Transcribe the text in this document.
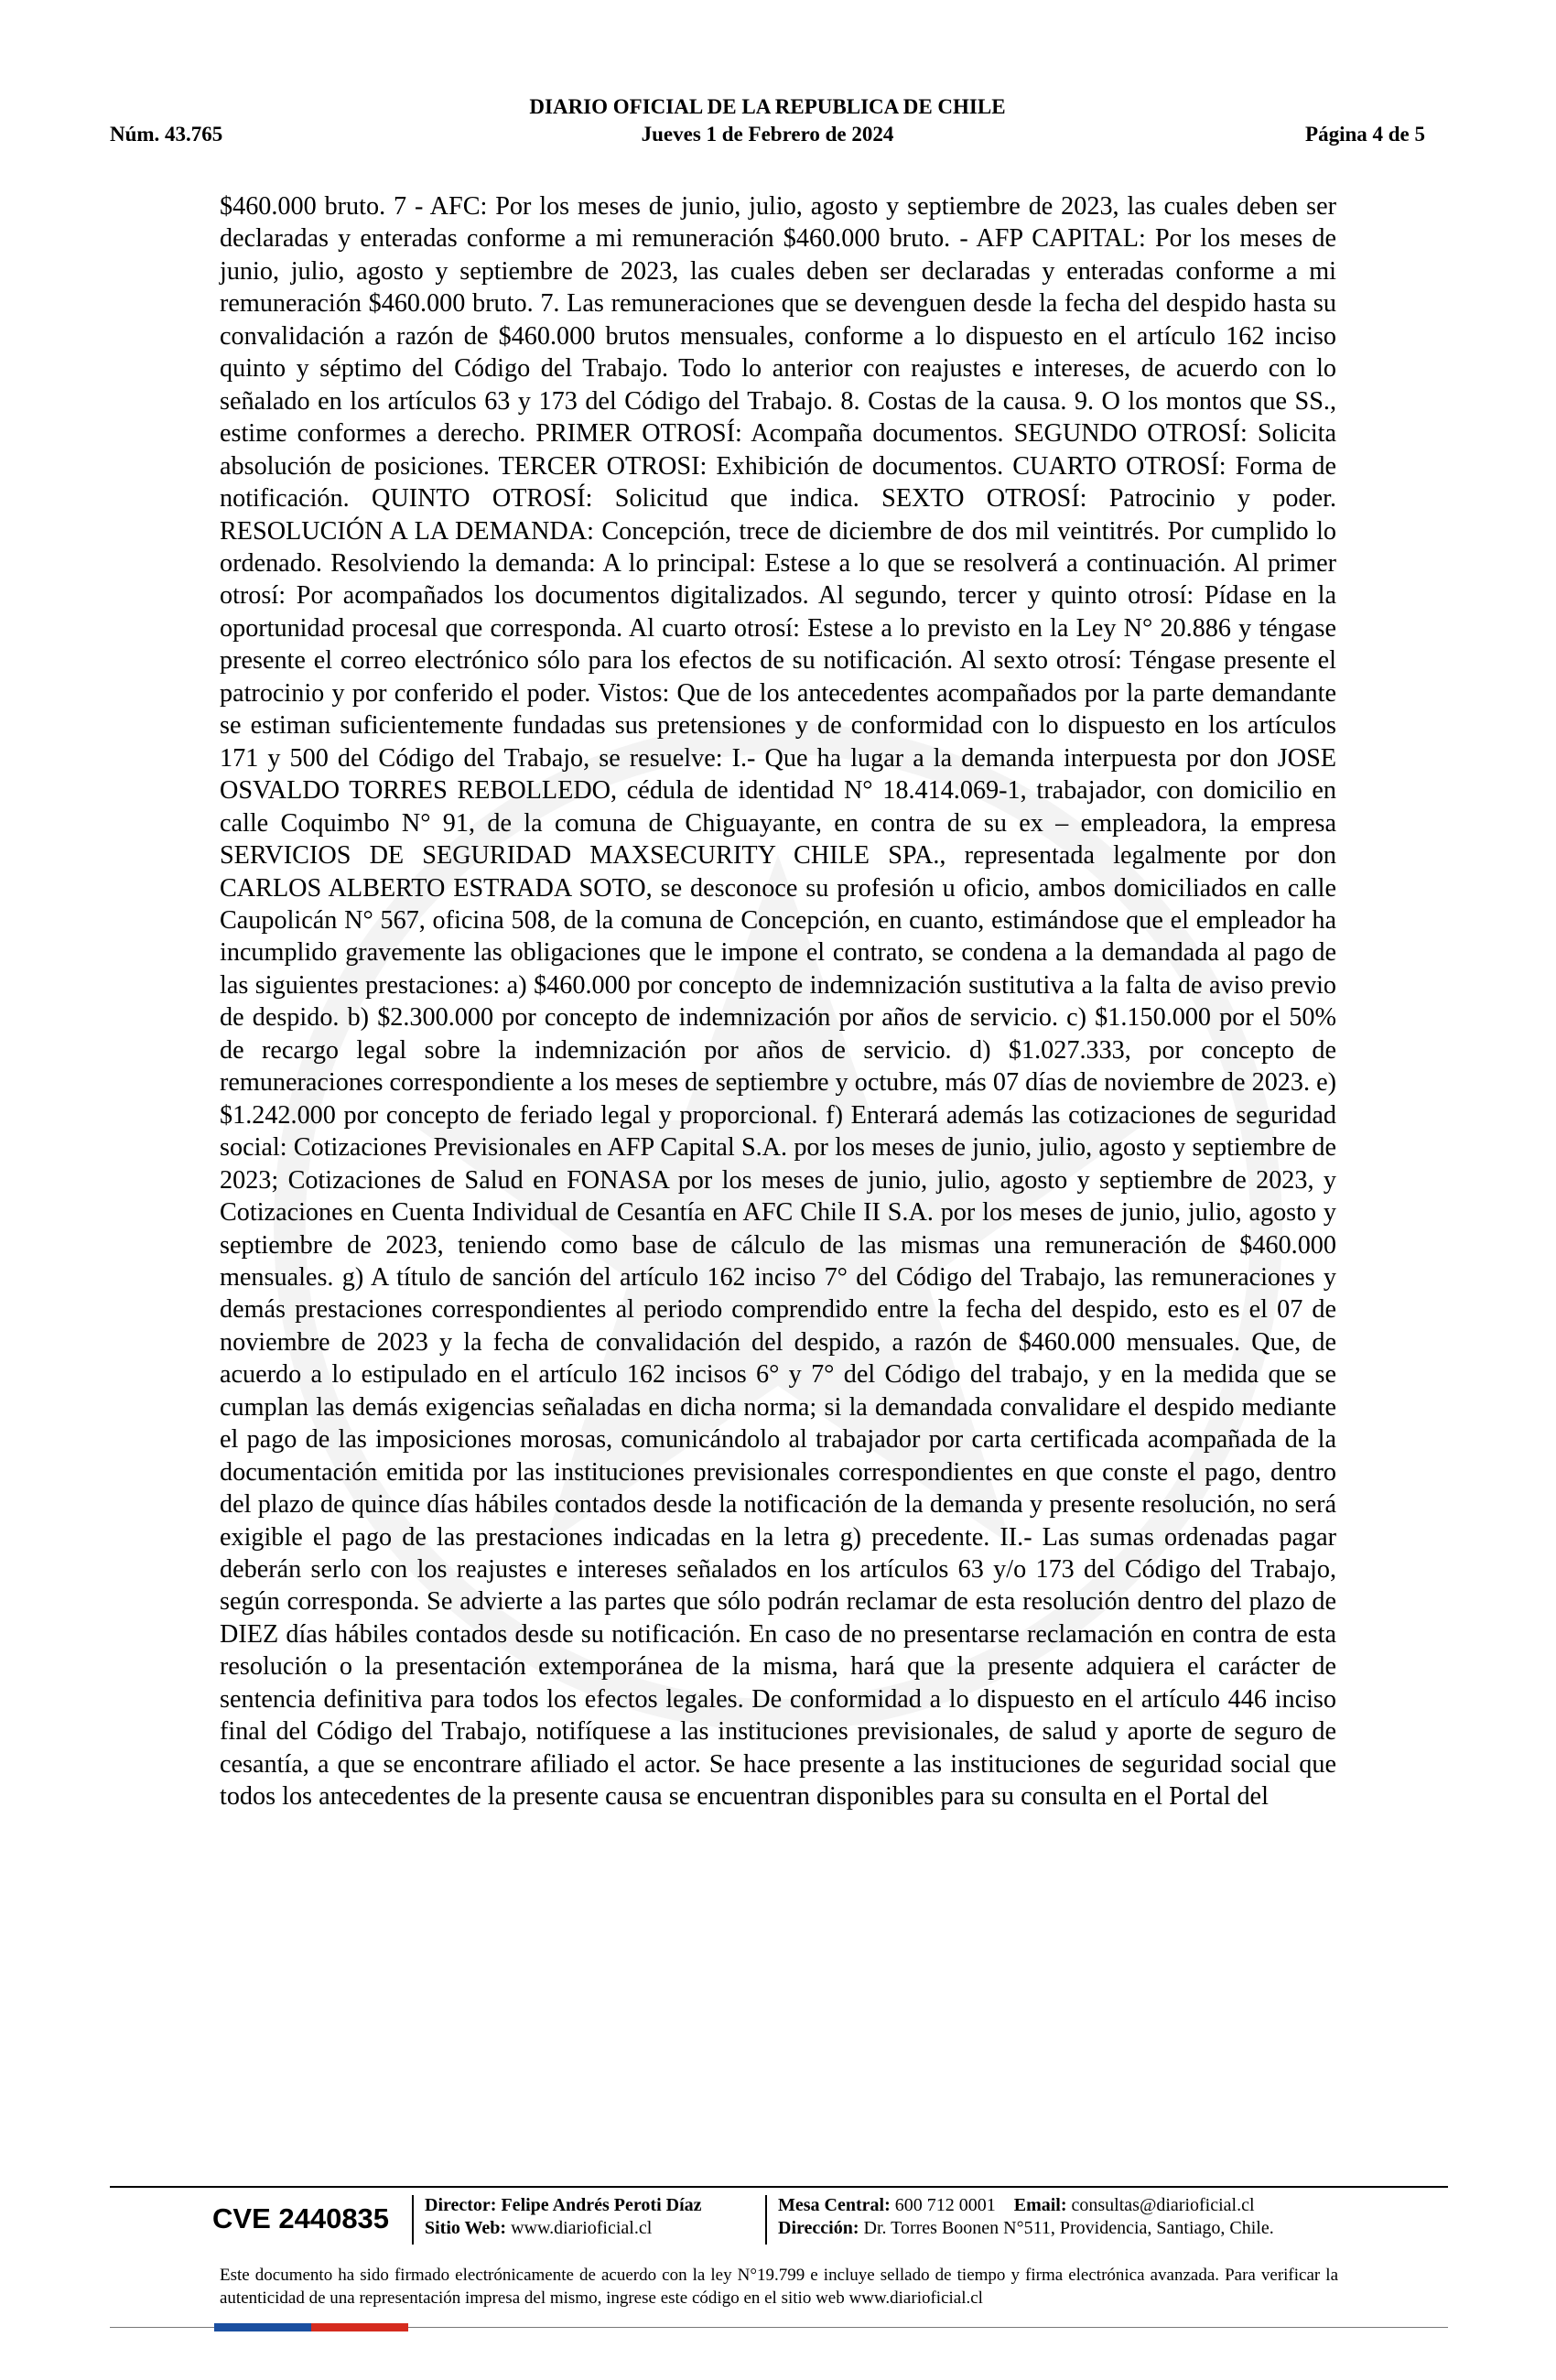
DIARIO OFICIAL DE LA REPUBLICA DE CHILE
Núm. 43.765	Jueves 1 de Febrero de 2024	Página 4 de 5

$460.000 bruto. 7 - AFC: Por los meses de junio, julio, agosto y septiembre de 2023, las cuales deben ser declaradas y enteradas conforme a mi remuneración $460.000 bruto. - AFP CAPITAL: Por los meses de junio, julio, agosto y septiembre de 2023, las cuales deben ser declaradas y enteradas conforme a mi remuneración $460.000 bruto. 7. Las remuneraciones que se devenguen desde la fecha del despido hasta su convalidación a razón de $460.000 brutos mensuales, conforme a lo dispuesto en el artículo 162 inciso quinto y séptimo del Código del Trabajo. Todo lo anterior con reajustes e intereses, de acuerdo con lo señalado en los artículos 63 y 173 del Código del Trabajo. 8. Costas de la causa. 9. O los montos que SS., estime conformes a derecho. PRIMER OTROSÍ: Acompaña documentos. SEGUNDO OTROSÍ: Solicita absolución de posiciones. TERCER OTROSI: Exhibición de documentos. CUARTO OTROSÍ: Forma de notificación. QUINTO OTROSÍ: Solicitud que indica. SEXTO OTROSÍ: Patrocinio y poder. RESOLUCIÓN A LA DEMANDA: Concepción, trece de diciembre de dos mil veintitrés. Por cumplido lo ordenado. Resolviendo la demanda: A lo principal: Estese a lo que se resolverá a continuación. Al primer otrosí: Por acompañados los documentos digitalizados. Al segundo, tercer y quinto otrosí: Pídase en la oportunidad procesal que corresponda. Al cuarto otrosí: Estese a lo previsto en la Ley N° 20.886 y téngase presente el correo electrónico sólo para los efectos de su notificación. Al sexto otrosí: Téngase presente el patrocinio y por conferido el poder. Vistos: Que de los antecedentes acompañados por la parte demandante se estiman suficientemente fundadas sus pretensiones y de conformidad con lo dispuesto en los artículos 171 y 500 del Código del Trabajo, se resuelve: I.- Que ha lugar a la demanda interpuesta por don JOSE OSVALDO TORRES REBOLLEDO, cédula de identidad N° 18.414.069-1, trabajador, con domicilio en calle Coquimbo N° 91, de la comuna de Chiguayante, en contra de su ex – empleadora, la empresa SERVICIOS DE SEGURIDAD MAXSECURITY CHILE SPA., representada legalmente por don CARLOS ALBERTO ESTRADA SOTO, se desconoce su profesión u oficio, ambos domiciliados en calle Caupolicán N° 567, oficina 508, de la comuna de Concepción, en cuanto, estimándose que el empleador ha incumplido gravemente las obligaciones que le impone el contrato, se condena a la demandada al pago de las siguientes prestaciones: a) $460.000 por concepto de indemnización sustitutiva a la falta de aviso previo de despido. b) $2.300.000 por concepto de indemnización por años de servicio. c) $1.150.000 por el 50% de recargo legal sobre la indemnización por años de servicio. d) $1.027.333, por concepto de remuneraciones correspondiente a los meses de septiembre y octubre, más 07 días de noviembre de 2023. e) $1.242.000 por concepto de feriado legal y proporcional. f) Enterará además las cotizaciones de seguridad social: Cotizaciones Previsionales en AFP Capital S.A. por los meses de junio, julio, agosto y septiembre de 2023; Cotizaciones de Salud en FONASA por los meses de junio, julio, agosto y septiembre de 2023, y Cotizaciones en Cuenta Individual de Cesantía en AFC Chile II S.A. por los meses de junio, julio, agosto y septiembre de 2023, teniendo como base de cálculo de las mismas una remuneración de $460.000 mensuales. g) A título de sanción del artículo 162 inciso 7° del Código del Trabajo, las remuneraciones y demás prestaciones correspondientes al periodo comprendido entre la fecha del despido, esto es el 07 de noviembre de 2023 y la fecha de convalidación del despido, a razón de $460.000 mensuales. Que, de acuerdo a lo estipulado en el artículo 162 incisos 6° y 7° del Código del trabajo, y en la medida que se cumplan las demás exigencias señaladas en dicha norma; si la demandada convalidare el despido mediante el pago de las imposiciones morosas, comunicándolo al trabajador por carta certificada acompañada de la documentación emitida por las instituciones previsionales correspondientes en que conste el pago, dentro del plazo de quince días hábiles contados desde la notificación de la demanda y presente resolución, no será exigible el pago de las prestaciones indicadas en la letra g) precedente. II.- Las sumas ordenadas pagar deberán serlo con los reajustes e intereses señalados en los artículos 63 y/o 173 del Código del Trabajo, según corresponda. Se advierte a las partes que sólo podrán reclamar de esta resolución dentro del plazo de DIEZ días hábiles contados desde su notificación. En caso de no presentarse reclamación en contra de esta resolución o la presentación extemporánea de la misma, hará que la presente adquiera el carácter de sentencia definitiva para todos los efectos legales. De conformidad a lo dispuesto en el artículo 446 inciso final del Código del Trabajo, notifíquese a las instituciones previsionales, de salud y aporte de seguro de cesantía, a que se encontrare afiliado el actor. Se hace presente a las instituciones de seguridad social que todos los antecedentes de la presente causa se encuentran disponibles para su consulta en el Portal del

CVE 2440835	Director: Felipe Andrés Peroti Díaz
Sitio Web: www.diarioficial.cl
Mesa Central: 600 712 0001 Email: consultas@diarioficial.cl
Dirección: Dr. Torres Boonen N°511, Providencia, Santiago, Chile.
Este documento ha sido firmado electrónicamente de acuerdo con la ley N°19.799 e incluye sellado de tiempo y firma electrónica avanzada. Para verificar la autenticidad de una representación impresa del mismo, ingrese este código en el sitio web www.diarioficial.cl
